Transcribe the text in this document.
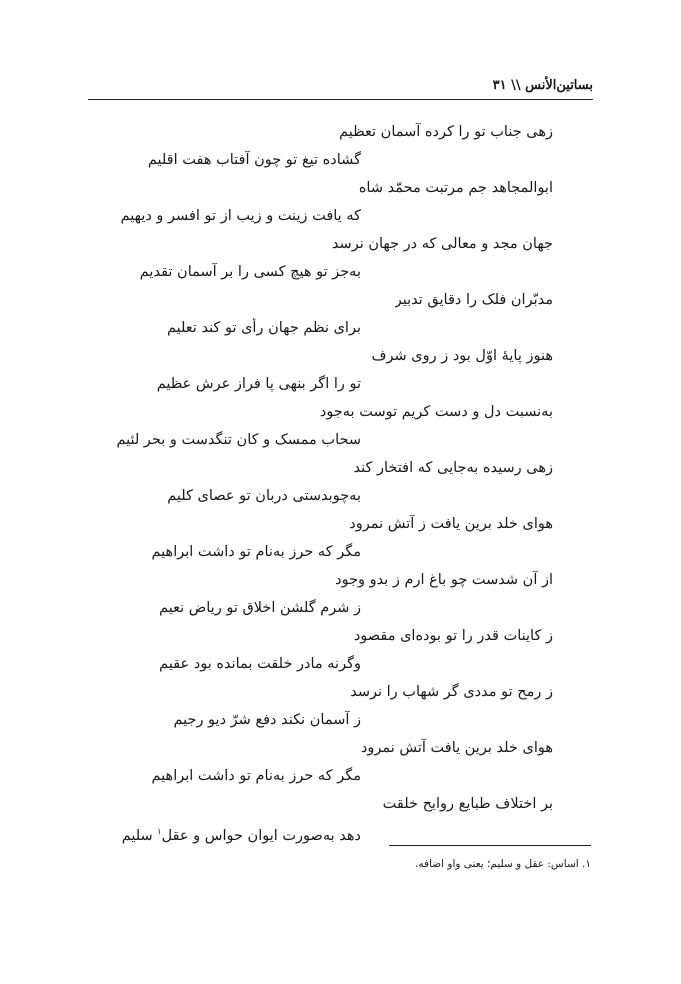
بساتین‌الأنس \\ ۳۱
زهی جناب تو را کرده آسمان تعظیم
گشاده تیغ تو چون آفتاب هفت اقلیم
ابوالمجاهد جم مرتبت محمّد شاه
که یافت زینت و زیب از تو افسر و دیهیم
جهان مجد و معالی که در جهان نرسد
به‌جز تو هیچ کسی را بر آسمان تقدیم
مدبّران فلک را دقایق تدبیر
برای نظم جهان رأی تو کند تعلیم
هنوز پایهٔ اوّل بود ز روی شرف
تو را اگر بنهی پا فراز عرش عظیم
به‌نسبت دل و دست کریم توست به‌جود
سحاب ممسک و کان تنگدست و بحر لئیم
زهی رسیده به‌جایی که افتخار کند
به‌چوبدستی دربان تو عصای کلیم
هوای خلد برین یافت ز آتش نمرود
مگر که حرز به‌نام تو داشت ابراهیم
از آن شدست چو باغ ارم ز بدو وجود
ز شرم گلشن اخلاق تو ریاض نعیم
ز کاینات قدر را تو بوده‌ای مقصود
وگرنه مادر خلقت بمانده بود عقیم
ز رمح تو مددی گر شهاب را نرسد
ز آسمان نکند دفع شرّ دیو رجیم
هوای خلد برین یافت آتش نمرود
مگر که حرز به‌نام تو داشت ابراهیم
بر اختلاف طبایع روایح خلقت
دهد به‌صورت ایوان حواس و عقل$^۱$ سلیم
۱. اساس: عقل و سلیم؛ یعنی واو اضافه.
